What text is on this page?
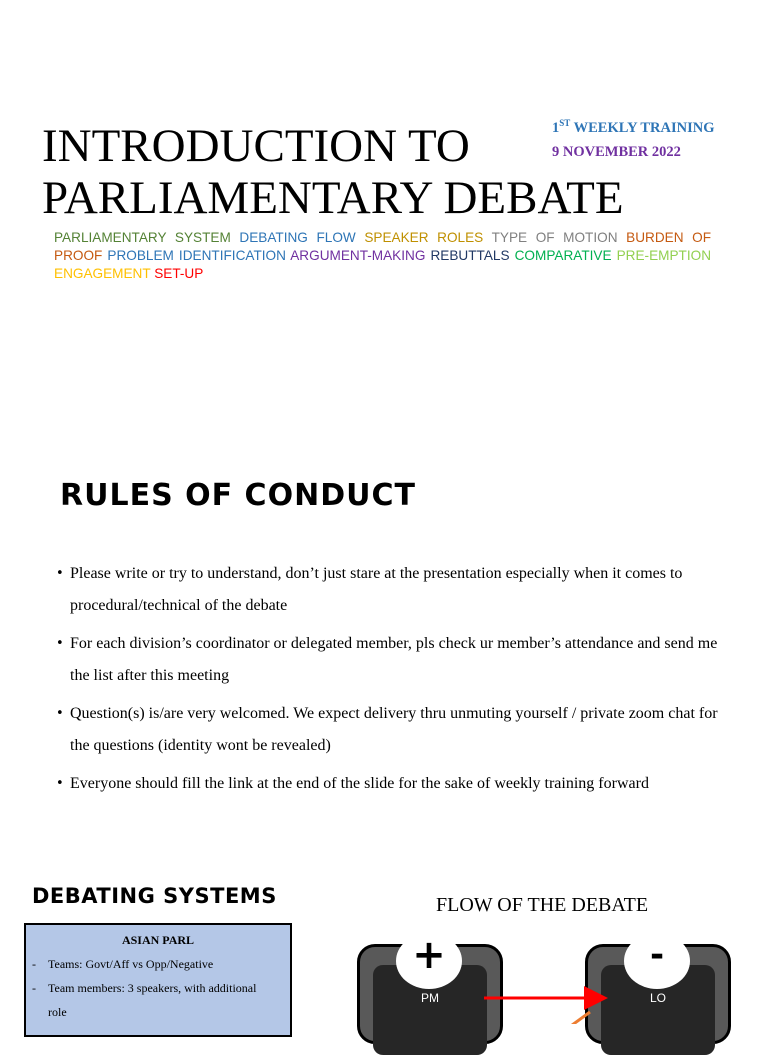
INTRODUCTION TO
PARLIAMENTARY DEBATE
1ST WEEKLY TRAINING
9 NOVEMBER 2022

PARLIAMENTARY SYSTEM DEBATING FLOW SPEAKER ROLES TYPE OF MOTION BURDEN OF PROOF PROBLEM IDENTIFICATION ARGUMENT-MAKING REBUTTALS COMPARATIVE PRE-EMPTION ENGAGEMENT SET-UP

RULES OF CONDUCT
• Please write or try to understand, don’t just stare at the presentation especially when it comes to procedural/technical of the debate
• For each division’s coordinator or delegated member, pls check ur member’s attendance and send me the list after this meeting
• Question(s) is/are very welcomed. We expect delivery thru unmuting yourself / private zoom chat for the questions (identity wont be revealed)
• Everyone should fill the link at the end of the slide for the sake of weekly training forward
DEBATING SYSTEMS	FLOW OF THE DEBATE
ASIAN PARL
- Teams: Govt/Aff vs Opp/Negative
- Team members: 3 speakers, with additional role
PM
+
LO
-
